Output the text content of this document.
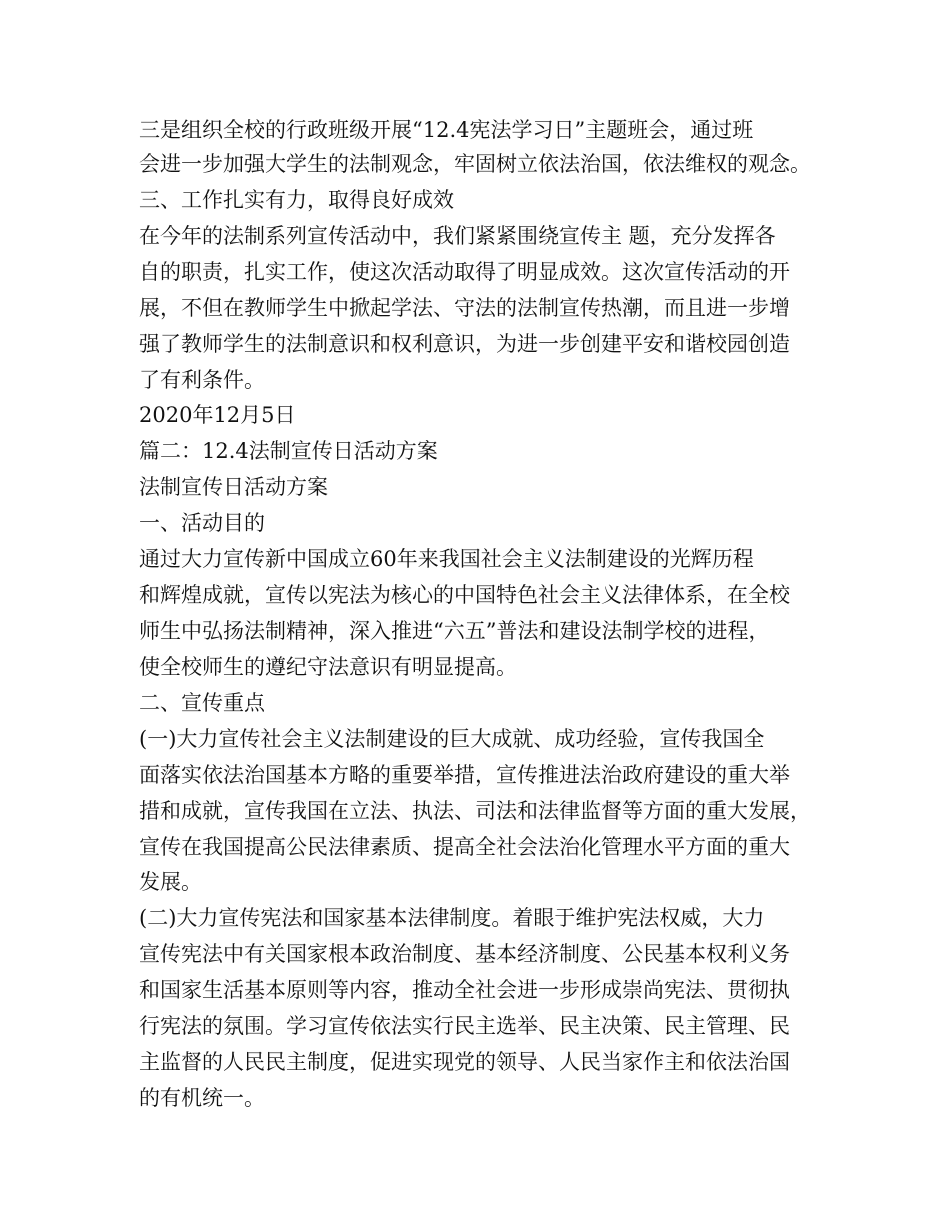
三是组织全校的行政班级开展“12.4宪法学习日”主题班会，通过班
会进一步加强大学生的法制观念，牢固树立依法治国，依法维权的观念。
三、工作扎实有力，取得良好成效
在今年的法制系列宣传活动中，我们紧紧围绕宣传主 题，充分发挥各
自的职责，扎实工作，使这次活动取得了明显成效。这次宣传活动的开
展，不但在教师学生中掀起学法、守法的法制宣传热潮，而且进一步增
强了教师学生的法制意识和权利意识，为进一步创建平安和谐校园创造
了有利条件。
2020年12月5日
篇二：12.4法制宣传日活动方案
法制宣传日活动方案
一、活动目的
通过大力宣传新中国成立60年来我国社会主义法制建设的光辉历程
和辉煌成就，宣传以宪法为核心的中国特色社会主义法律体系，在全校
师生中弘扬法制精神，深入推进“六五”普法和建设法制学校的进程，
使全校师生的遵纪守法意识有明显提高。
二、宣传重点
(一)大力宣传社会主义法制建设的巨大成就、成功经验，宣传我国全
面落实依法治国基本方略的重要举措，宣传推进法治政府建设的重大举
措和成就，宣传我国在立法、执法、司法和法律监督等方面的重大发展，
宣传在我国提高公民法律素质、提高全社会法治化管理水平方面的重大
发展。
(二)大力宣传宪法和国家基本法律制度。着眼于维护宪法权威，大力
宣传宪法中有关国家根本政治制度、基本经济制度、公民基本权利义务
和国家生活基本原则等内容，推动全社会进一步形成崇尚宪法、贯彻执
行宪法的氛围。学习宣传依法实行民主选举、民主决策、民主管理、民
主监督的人民民主制度，促进实现党的领导、人民当家作主和依法治国
的有机统一。
